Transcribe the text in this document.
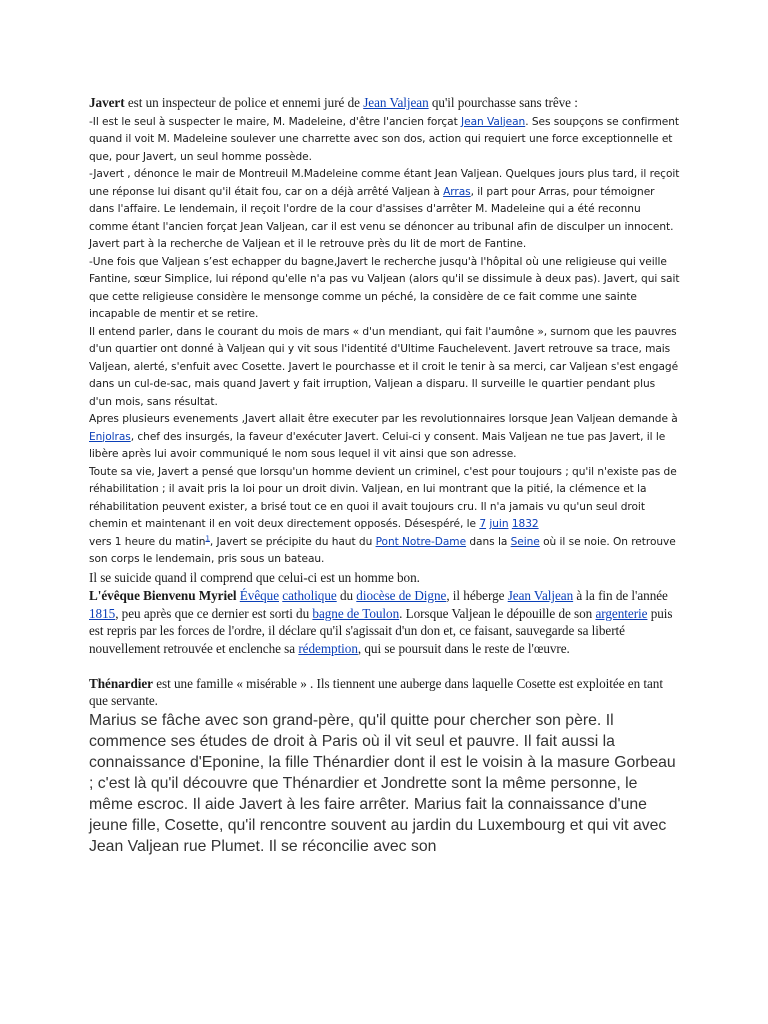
Javert est un inspecteur de police et ennemi juré de Jean Valjean qu'il pourchasse sans trêve :

-Il est le seul à suspecter le maire, M. Madeleine, d'être l'ancien forçat Jean Valjean. Ses soupçons se confirment quand il voit M. Madeleine soulever une charrette avec son dos, action qui requiert une force exceptionnelle et que, pour Javert, un seul homme possède.

-Javert , dénonce le mair de Montreuil M.Madeleine comme étant Jean Valjean. Quelques jours plus tard, il reçoit une réponse lui disant qu'il était fou, car on a déjà arrêté Valjean à Arras, il part pour Arras, pour témoigner dans l'affaire. Le lendemain, il reçoit l'ordre de la cour d'assises d'arrêter M. Madeleine qui a été reconnu comme étant l'ancien forçat Jean Valjean, car il est venu se dénoncer au tribunal afin de disculper un innocent. Javert part à la recherche de Valjean et il le retrouve près du lit de mort de Fantine.

-Une fois que Valjean s’est echapper du bagne,Javert le recherche jusqu'à l'hôpital où une religieuse qui veille Fantine, sœur Simplice, lui répond qu'elle n'a pas vu Valjean (alors qu'il se dissimule à deux pas). Javert, qui sait que cette religieuse considère le mensonge comme un péché, la considère de ce fait comme une sainte incapable de mentir et se retire.

Il entend parler, dans le courant du mois de mars « d'un mendiant, qui fait l'aumône », surnom que les pauvres d'un quartier ont donné à Valjean qui y vit sous l'identité d'Ultime Fauchelevent. Javert retrouve sa trace, mais Valjean, alerté, s'enfuit avec Cosette. Javert le pourchasse et il croit le tenir à sa merci, car Valjean s'est engagé dans un cul-de-sac, mais quand Javert y fait irruption, Valjean a disparu. Il surveille le quartier pendant plus d'un mois, sans résultat.

Apres plusieurs evenements ,Javert allait être executer par les revolutionnaires lorsque Jean Valjean demande à Enjolras, chef des insurgés, la faveur d'exécuter Javert. Celui-ci y consent. Mais Valjean ne tue pas Javert, il le libère après lui avoir communiqué le nom sous lequel il vit ainsi que son adresse.

Toute sa vie, Javert a pensé que lorsqu'un homme devient un criminel, c'est pour toujours ; qu'il n'existe pas de réhabilitation ; il avait pris la loi pour un droit divin. Valjean, en lui montrant que la pitié, la clémence et la réhabilitation peuvent exister, a brisé tout ce en quoi il avait toujours cru. Il n'a jamais vu qu'un seul droit chemin et maintenant il en voit deux directement opposés. Désespéré, le 7 juin 1832
vers 1 heure du matin$^1$, Javert se précipite du haut du Pont Notre-Dame dans la Seine où il se noie. On retrouve son corps le lendemain, pris sous un bateau.

Il se suicide quand il comprend que celui-ci est un homme bon.

L'évêque Bienvenu Myriel Évêque catholique du diocèse de Digne, il héberge Jean Valjean à la fin de l'année 1815, peu après que ce dernier est sorti du bagne de Toulon. Lorsque Valjean le dépouille de son argenterie puis est repris par les forces de l'ordre, il déclare qu'il s'agissait d'un don et, ce faisant, sauvegarde sa liberté nouvellement retrouvée et enclenche sa rédemption, qui se poursuit dans le reste de l'œuvre.

Thénardier est une famille « misérable » . Ils tiennent une auberge dans laquelle Cosette est exploitée en tant que servante.

Marius se fâche avec son grand-père, qu'il quitte pour chercher son père. Il commence ses études de droit à Paris où il vit seul et pauvre. Il fait aussi la connaissance d'Eponine, la fille Thénardier dont il est le voisin à la masure Gorbeau ; c'est là qu'il découvre que Thénardier et Jondrette sont la même personne, le même escroc. Il aide Javert à les faire arrêter. Marius fait la connaissance d'une jeune fille, Cosette, qu'il rencontre souvent au jardin du Luxembourg et qui vit avec Jean Valjean rue Plumet. Il se réconcilie avec son
